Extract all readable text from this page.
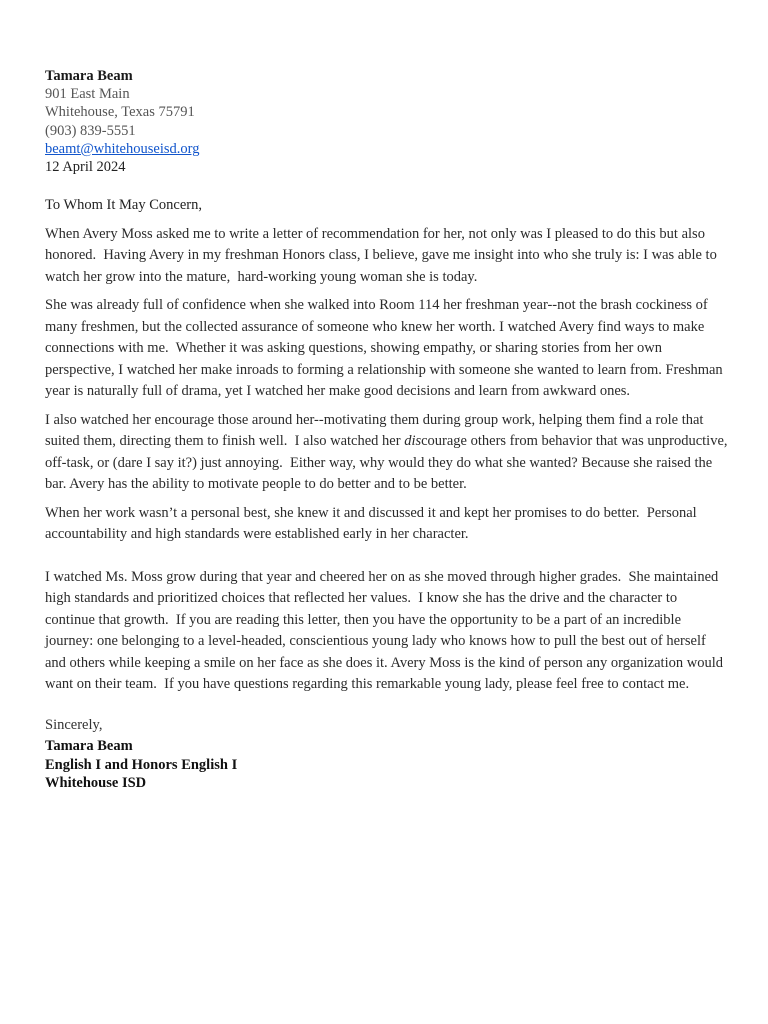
Tamara Beam
901 East Main
Whitehouse, Texas 75791
(903) 839-5551
beamt@whitehouseisd.org
12 April 2024
To Whom It May Concern,
When Avery Moss asked me to write a letter of recommendation for her, not only was I pleased to do this but also honored.  Having Avery in my freshman Honors class, I believe, gave me insight into who she truly is: I was able to watch her grow into the mature,  hard-working young woman she is today.
She was already full of confidence when she walked into Room 114 her freshman year--not the brash cockiness of many freshmen, but the collected assurance of someone who knew her worth. I watched Avery find ways to make connections with me.  Whether it was asking questions, showing empathy, or sharing stories from her own perspective, I watched her make inroads to forming a relationship with someone she wanted to learn from. Freshman year is naturally full of drama, yet I watched her make good decisions and learn from awkward ones.
I also watched her encourage those around her--motivating them during group work, helping them find a role that suited them, directing them to finish well.  I also watched her discourage others from behavior that was unproductive, off-task, or (dare I say it?) just annoying.  Either way, why would they do what she wanted? Because she raised the bar. Avery has the ability to motivate people to do better and to be better.
When her work wasn’t a personal best, she knew it and discussed it and kept her promises to do better.  Personal accountability and high standards were established early in her character.
I watched Ms. Moss grow during that year and cheered her on as she moved through higher grades.  She maintained high standards and prioritized choices that reflected her values.  I know she has the drive and the character to continue that growth.  If you are reading this letter, then you have the opportunity to be a part of an incredible journey: one belonging to a level-headed, conscientious young lady who knows how to pull the best out of herself and others while keeping a smile on her face as she does it. Avery Moss is the kind of person any organization would want on their team.  If you have questions regarding this remarkable young lady, please feel free to contact me.
Sincerely,
Tamara Beam
English I and Honors English I
Whitehouse ISD
